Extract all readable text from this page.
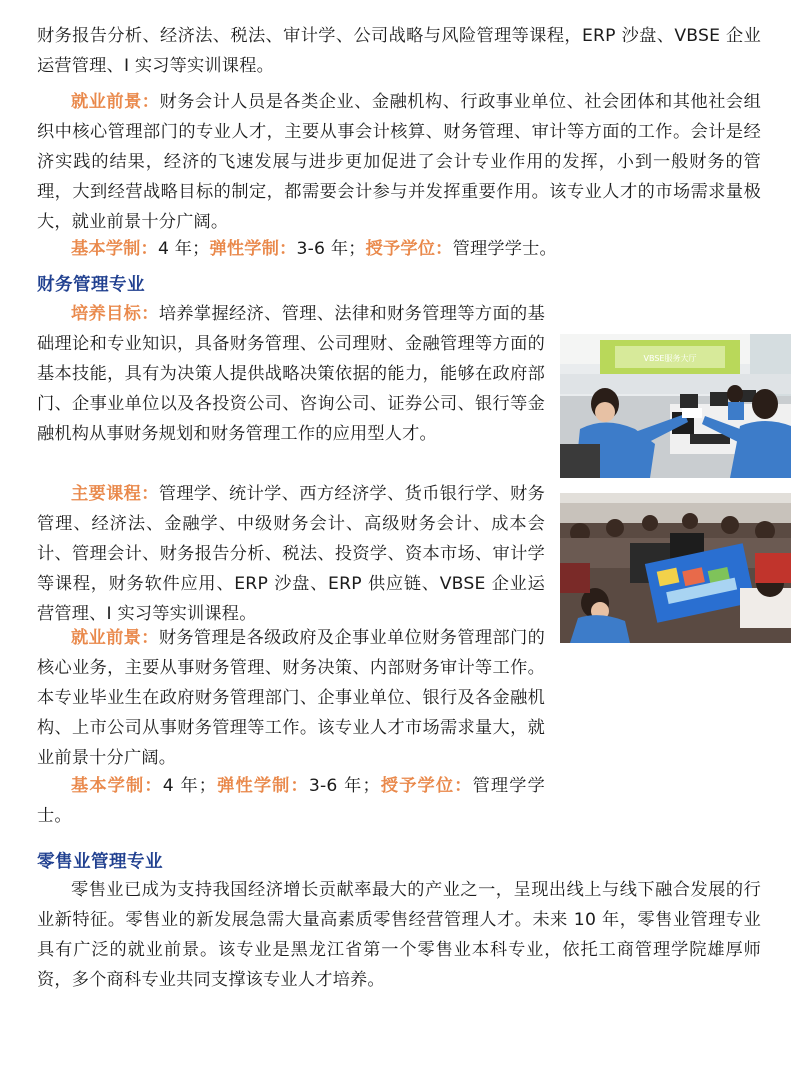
财务报告分析、经济法、税法、审计学、公司战略与风险管理等课程，ERP 沙盘、VBSE 企业运营管理、I 实习等实训课程。

就业前景：财务会计人员是各类企业、金融机构、行政事业单位、社会团体和其他社会组织中核心管理部门的专业人才，主要从事会计核算、财务管理、审计等方面的工作。会计是经济实践的结果，经济的飞速发展与进步更加促进了会计专业作用的发挥，小到一般财务的管理，大到经营战略目标的制定，都需要会计参与并发挥重要作用。该专业人才的市场需求量极大，就业前景十分广阔。

基本学制：4 年；弹性学制：3-6 年；授予学位：管理学学士。

财务管理专业

培养目标：培养掌握经济、管理、法律和财务管理等方面的基础理论和专业知识，具备财务管理、公司理财、金融管理等方面的基本技能，具有为决策人提供战略决策依据的能力，能够在政府部门、企事业单位以及各投资公司、咨询公司、证券公司、银行等金融机构从事财务规划和财务管理工作的应用型人才。

主要课程：管理学、统计学、西方经济学、货币银行学、财务管理、经济法、金融学、中级财务会计、高级财务会计、成本会计、管理会计、财务报告分析、税法、投资学、资本市场、审计学等课程，财务软件应用、ERP 沙盘、ERP 供应链、VBSE 企业运营管理、I 实习等实训课程。

就业前景：财务管理是各级政府及企事业单位财务管理部门的核心业务，主要从事财务管理、财务决策、内部财务审计等工作。本专业毕业生在政府财务管理部门、企事业单位、银行及各金融机构、上市公司从事财务管理等工作。该专业人才市场需求量大，就业前景十分广阔。

基本学制：4 年；弹性学制：3-6 年；授予学位：管理学学士。

VBSE服务大厅
零售业管理专业

零售业已成为支持我国经济增长贡献率最大的产业之一，呈现出线上与线下融合发展的行业新特征。零售业的新发展急需大量高素质零售经营管理人才。未来 10 年，零售业管理专业具有广泛的就业前景。该专业是黑龙江省第一个零售业本科专业，依托工商管理学院雄厚师资，多个商科专业共同支撑该专业人才培养。
